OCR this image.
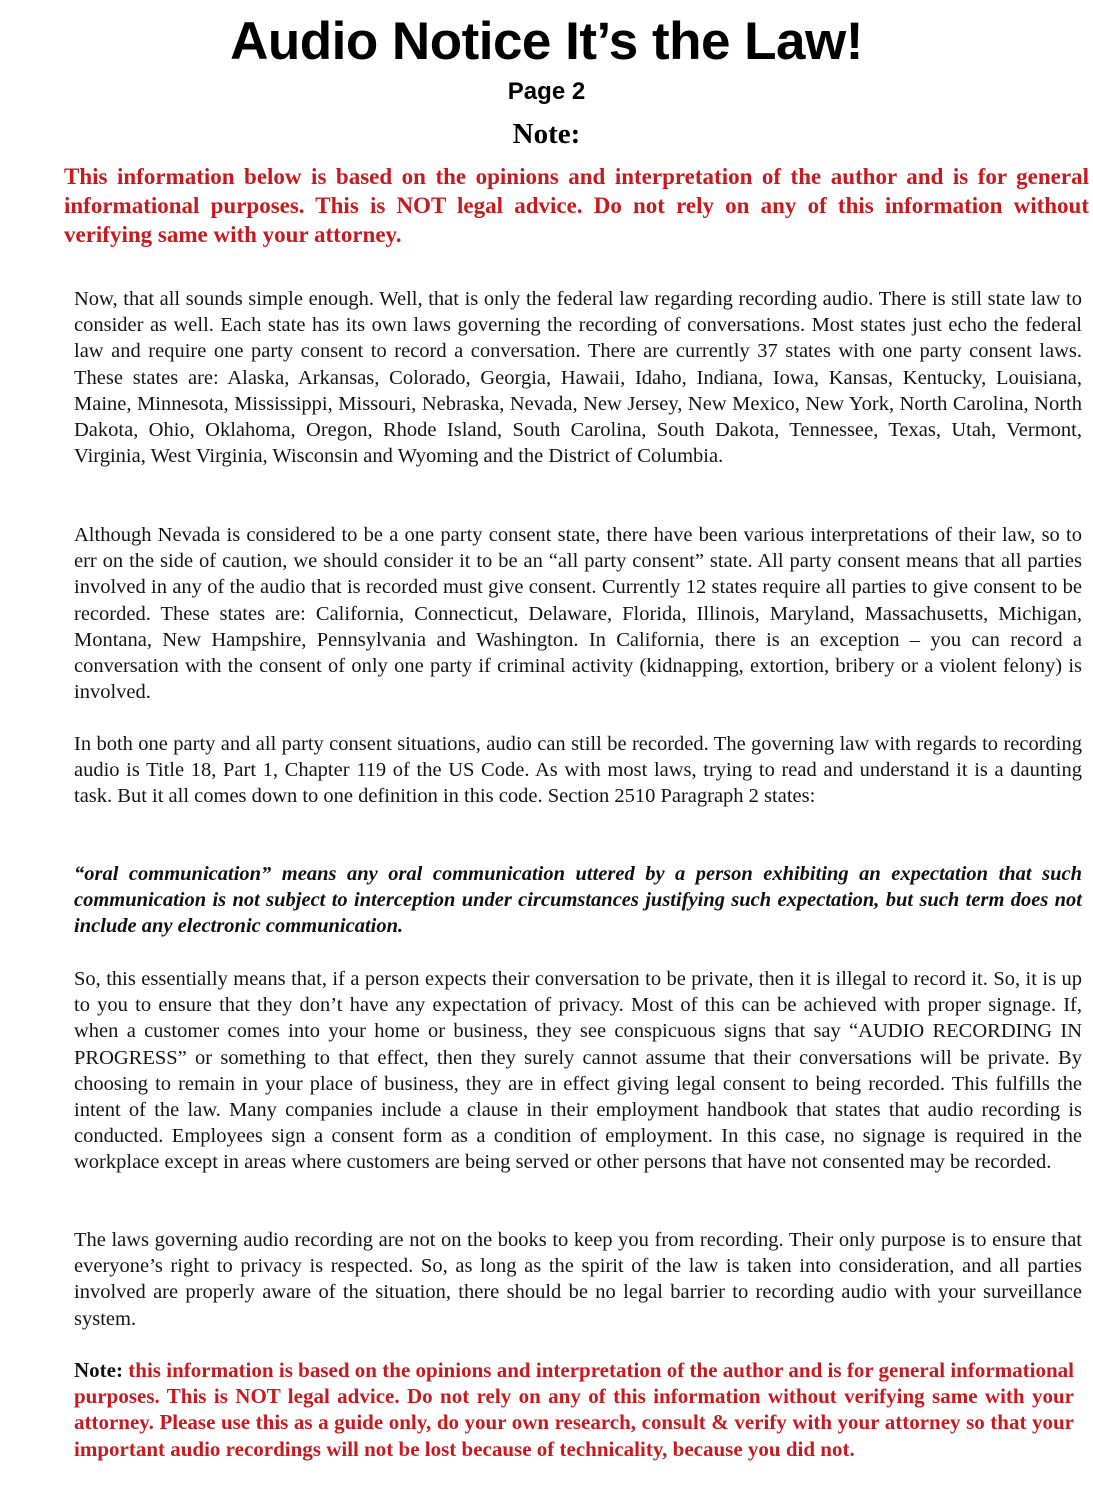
Audio Notice It’s the Law!
Page 2
Note:
This information below is based on the opinions and interpretation of the author and is for general informational purposes. This is NOT legal advice. Do not rely on any of this information without verifying same with your attorney.

Now, that all sounds simple enough. Well, that is only the federal law regarding recording audio. There is still state law to consider as well. Each state has its own laws governing the recording of conversations. Most states just echo the federal law and require one party consent to record a conversation. There are currently 37 states with one party consent laws. These states are: Alaska, Arkansas, Colorado, Georgia, Hawaii, Idaho, Indiana, Iowa, Kansas, Kentucky, Louisiana, Maine, Minnesota, Mississippi, Missouri, Nebraska, Nevada, New Jersey, New Mexico, New York, North Carolina, North Dakota, Ohio, Oklahoma, Oregon, Rhode Island, South Carolina, South Dakota, Tennessee, Texas, Utah, Vermont, Virginia, West Virginia, Wisconsin and Wyoming and the District of Columbia.

Although Nevada is considered to be a one party consent state, there have been various interpretations of their law, so to err on the side of caution, we should consider it to be an “all party consent” state. All party consent means that all parties involved in any of the audio that is recorded must give consent. Currently 12 states require all parties to give consent to be recorded. These states are: California, Connecticut, Delaware, Florida, Illinois, Maryland, Massachusetts, Michigan, Montana, New Hampshire, Pennsylvania and Washington. In California, there is an exception – you can record a conversation with the consent of only one party if criminal activity (kidnapping, extortion, bribery or a violent felony) is involved.

In both one party and all party consent situations, audio can still be recorded. The governing law with regards to recording audio is Title 18, Part 1, Chapter 119 of the US Code. As with most laws, trying to read and understand it is a daunting task. But it all comes down to one definition in this code. Section 2510 Paragraph 2 states:

“oral communication” means any oral communication uttered by a person exhibiting an expectation that such communication is not subject to interception under circumstances justifying such expectation, but such term does not include any electronic communication.

So, this essentially means that, if a person expects their conversation to be private, then it is illegal to record it. So, it is up to you to ensure that they don’t have any expectation of privacy. Most of this can be achieved with proper signage. If, when a customer comes into your home or business, they see conspicuous signs that say “AUDIO RECORDING IN PROGRESS” or something to that effect, then they surely cannot assume that their conversations will be private. By choosing to remain in your place of business, they are in effect giving legal consent to being recorded. This fulfills the intent of the law. Many companies include a clause in their employment handbook that states that audio recording is conducted. Employees sign a consent form as a condition of employment. In this case, no signage is required in the workplace except in areas where customers are being served or other persons that have not consented may be recorded.

The laws governing audio recording are not on the books to keep you from recording. Their only purpose is to ensure that everyone’s right to privacy is respected. So, as long as the spirit of the law is taken into consideration, and all parties involved are properly aware of the situation, there should be no legal barrier to recording audio with your surveillance system.

Note: this information is based on the opinions and interpretation of the author and is for general informational purposes. This is NOT legal advice. Do not rely on any of this information without verifying same with your attorney. Please use this as a guide only, do your own research, consult & verify with your attorney so that your important audio recordings will not be lost because of technicality, because you did not.
